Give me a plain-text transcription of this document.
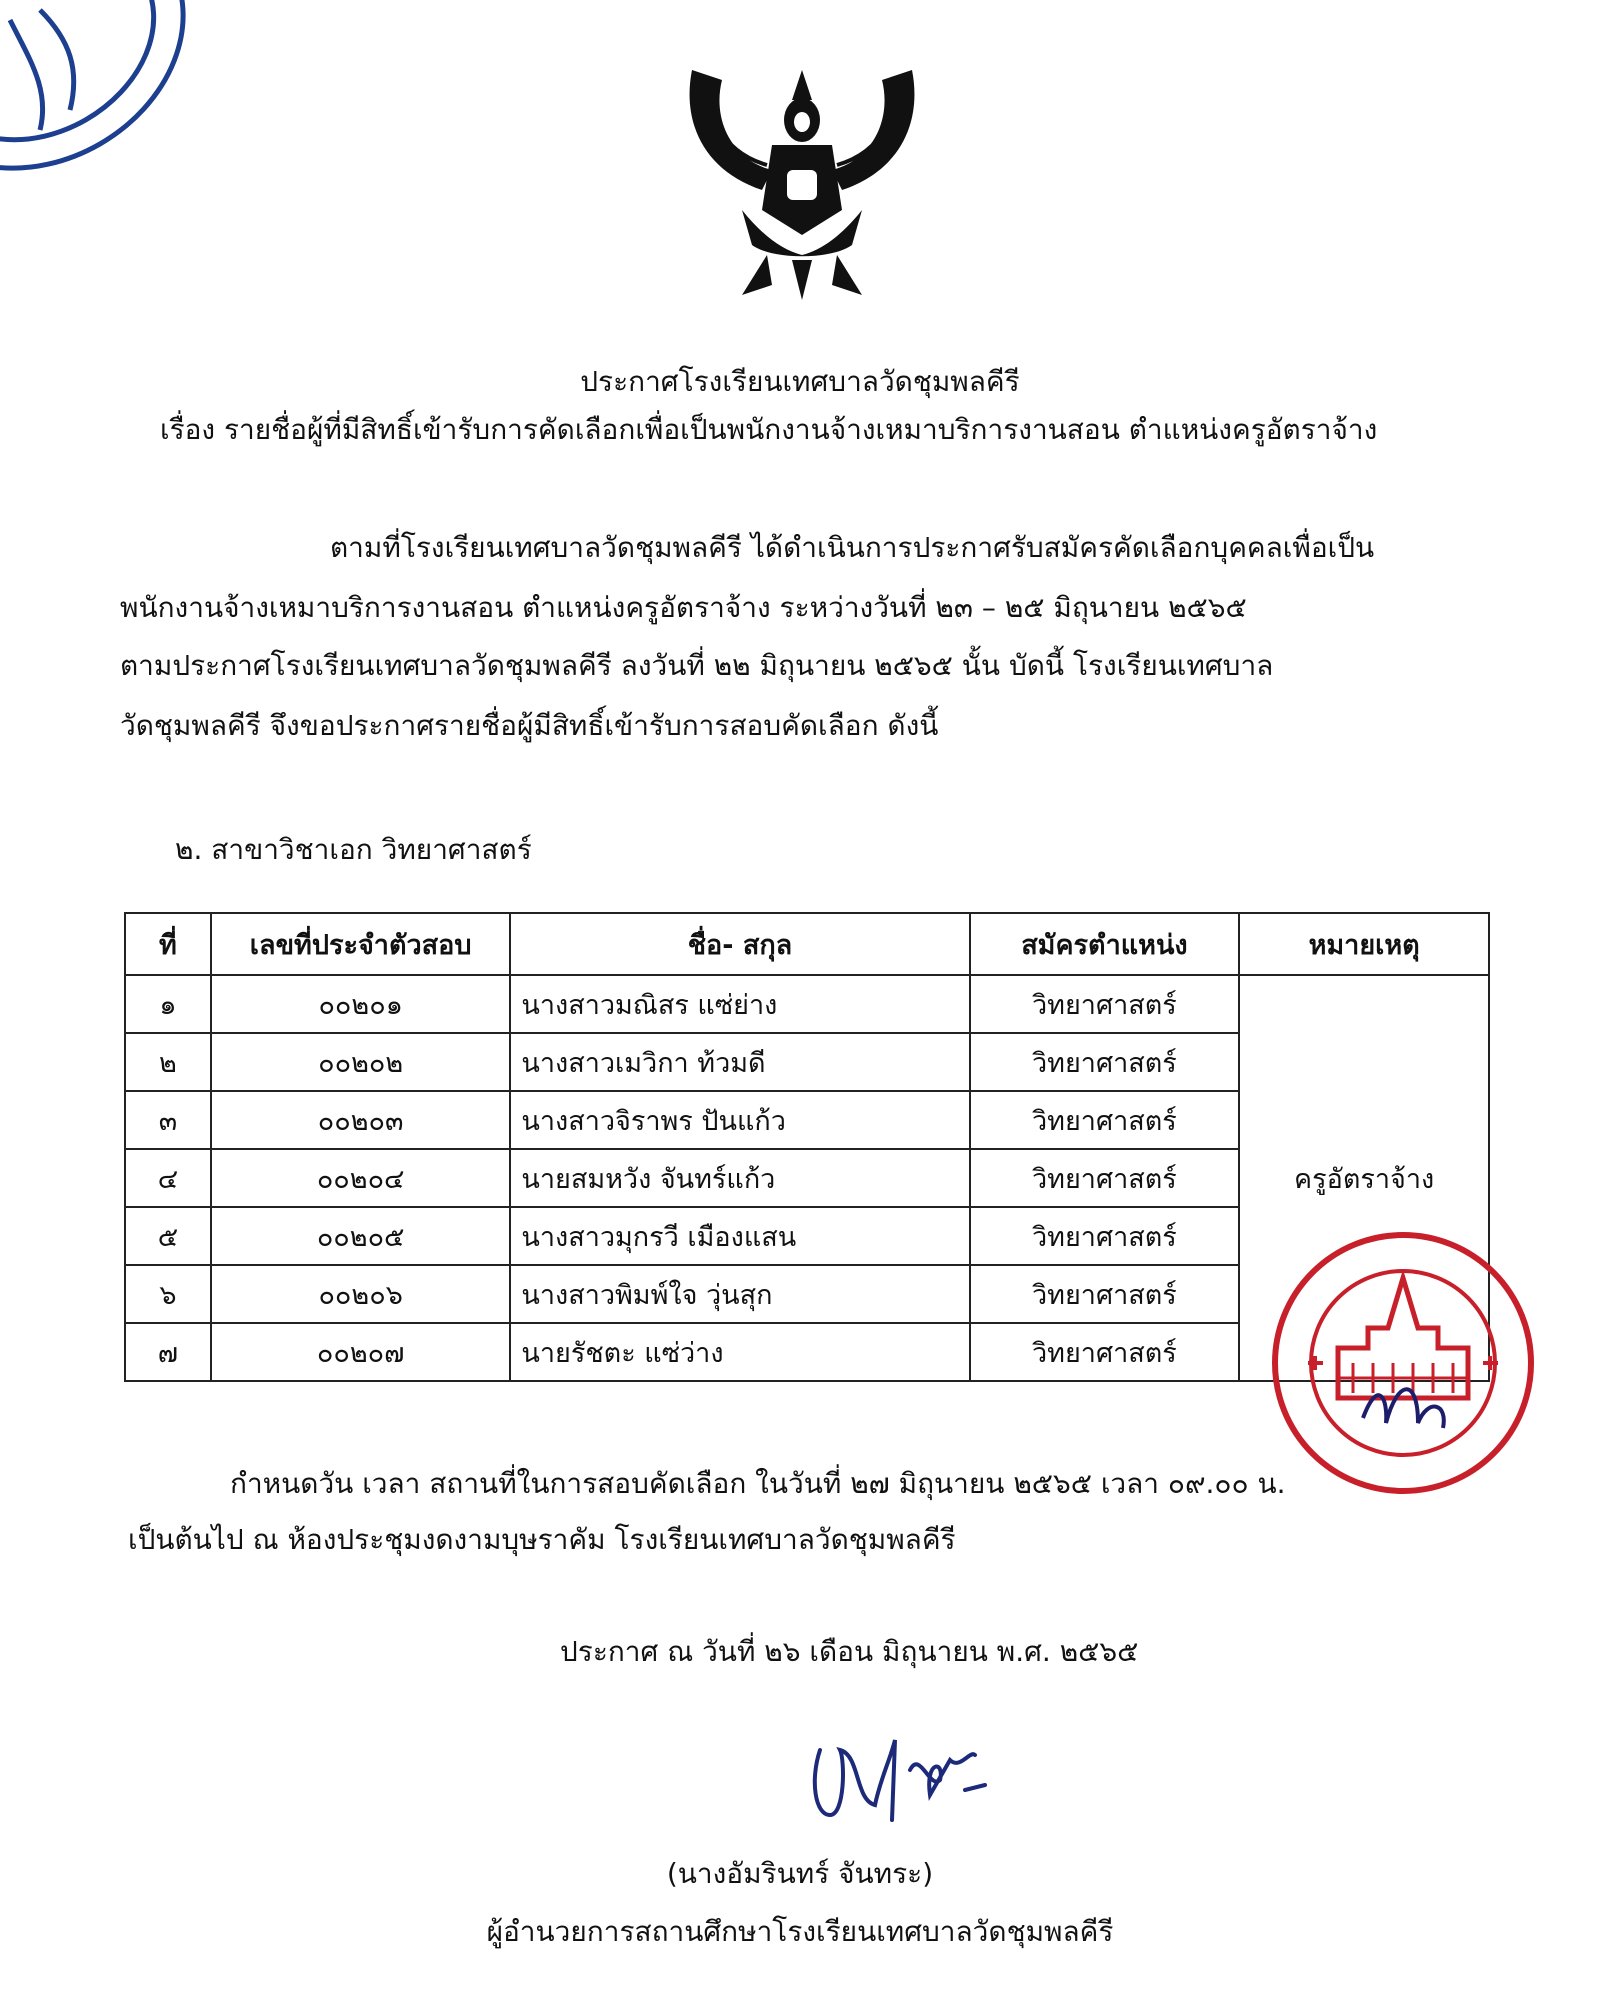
ประกาศโรงเรียนเทศบาลวัดชุมพลคีรี
เรื่อง รายชื่อผู้ที่มีสิทธิ์เข้ารับการคัดเลือกเพื่อเป็นพนักงานจ้างเหมาบริการงานสอน ตำแหน่งครูอัตราจ้าง
ตามที่โรงเรียนเทศบาลวัดชุมพลคีรี ได้ดำเนินการประกาศรับสมัครคัดเลือกบุคคลเพื่อเป็น
พนักงานจ้างเหมาบริการงานสอน ตำแหน่งครูอัตราจ้าง ระหว่างวันที่ ๒๓ – ๒๕ มิถุนายน ๒๕๖๕
ตามประกาศโรงเรียนเทศบาลวัดชุมพลคีรี ลงวันที่ ๒๒ มิถุนายน ๒๕๖๕ นั้น บัดนี้ โรงเรียนเทศบาล
วัดชุมพลคีรี จึงขอประกาศรายชื่อผู้มีสิทธิ์เข้ารับการสอบคัดเลือก ดังนี้
๒. สาขาวิชาเอก วิทยาศาสตร์
ที่	เลขที่ประจำตัวสอบ	ชื่อ- สกุล	สมัครตำแหน่ง	หมายเหตุ
๑	๐๐๒๐๑	นางสาวมณิสร แซ่ย่าง	วิทยาศาสตร์	ครูอัตราจ้าง
๒	๐๐๒๐๒	นางสาวเมวิกา ท้วมดี	วิทยาศาสตร์	
๓	๐๐๒๐๓	นางสาวจิราพร ปันแก้ว	วิทยาศาสตร์	
๔	๐๐๒๐๔	นายสมหวัง จันทร์แก้ว	วิทยาศาสตร์	
๕	๐๐๒๐๕	นางสาวมุกรวี เมืองแสน	วิทยาศาสตร์	
๖	๐๐๒๐๖	นางสาวพิมพ์ใจ วุ่นสุก	วิทยาศาสตร์	
๗	๐๐๒๐๗	นายรัชตะ แซ่ว่าง	วิทยาศาสตร์	
กำหนดวัน เวลา สถานที่ในการสอบคัดเลือก ในวันที่ ๒๗ มิถุนายน ๒๕๖๕ เวลา ๐๙.๐๐ น.
เป็นต้นไป ณ ห้องประชุมงดงามบุษราคัม โรงเรียนเทศบาลวัดชุมพลคีรี
ประกาศ ณ วันที่ ๒๖ เดือน มิถุนายน พ.ศ. ๒๕๖๕
(นางอัมรินทร์ จันทระ)
ผู้อำนวยการสถานศึกษาโรงเรียนเทศบาลวัดชุมพลคีรี
